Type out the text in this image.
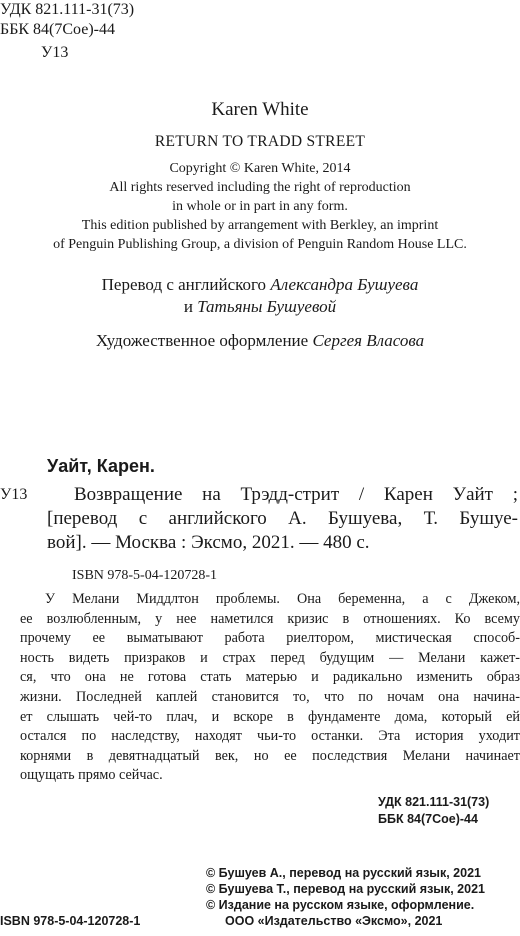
УДК 821.111-31(73)
ББК 84(7Сое)-44
У13
Karen White
RETURN TO TRADD STREET
Copyright © Karen White, 2014
All rights reserved including the right of reproduction
in whole or in part in any form.
This edition published by arrangement with Berkley, an imprint
of Penguin Publishing Group, a division of Penguin Random House LLC.
Перевод с английского Александра Бушуева
и Татьяны Бушуевой
Художественное оформление Сергея Власова
Уайт, Карен.
У13 Возвращение на Трэдд-стрит / Карен Уайт ;
[перевод с английского А. Бушуева, Т. Бушуе-
вой]. — Москва : Эксмо, 2021. — 480 с.
ISBN 978-5-04-120728-1
У Мелани Миддлтон проблемы. Она беременна, а с Джеком,
ее возлюбленным, у нее наметился кризис в отношениях. Ко всему
прочему ее выматывают работа риелтором, мистическая способ-
ность видеть призраков и страх перед будущим — Мелани кажет-
ся, что она не готова стать матерью и радикально изменить образ
жизни. Последней каплей становится то, что по ночам она начина-
ет слышать чей-то плач, и вскоре в фундаменте дома, который ей
остался по наследству, находят чьи-то останки. Эта история уходит
корнями в девятнадцатый век, но ее последствия Мелани начинает
ощущать прямо сейчас.
УДК 821.111-31(73)
ББК 84(7Сое)-44
© Бушуев А., перевод на русский язык, 2021
© Бушуева Т., перевод на русский язык, 2021
© Издание на русском языке, оформление.
ООО «Издательство «Эксмо», 2021
ISBN 978-5-04-120728-1
